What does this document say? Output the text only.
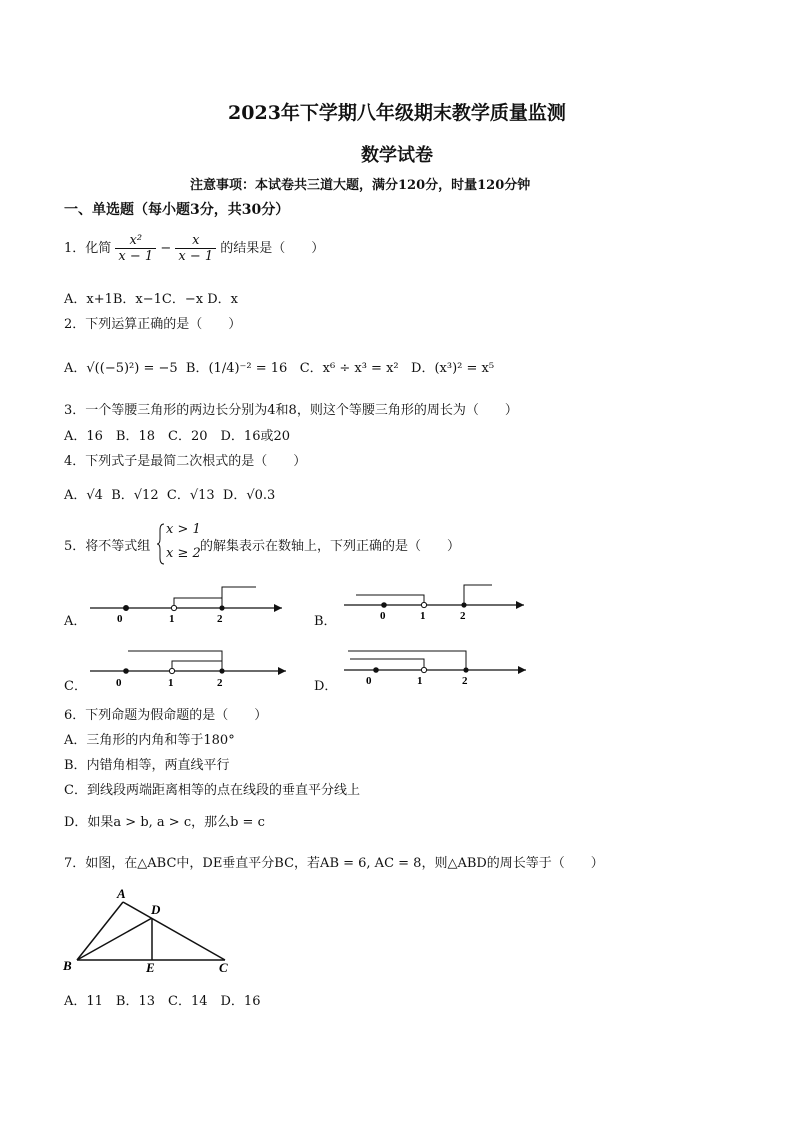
2023年下学期八年级期末教学质量监测
数学试卷
注意事项：本试卷共三道大题，满分120分，时量120分钟
一、单选题（每小题3分，共30分）
1．化简 $\frac{\text{x²}}{x - 1} - \frac{x}{x - 1}$ 的结果是（　　）
A．x+1B．x−1C．−x D．x
2．下列运算正确的是（　　）
A．√((−5)²) = −5 B．(1/4)⁻² = 16 C．x⁶ ÷ x³ = x² D．(x³)² = x⁵
3．一个等腰三角形的两边长分别为4和8，则这个等腰三角形的周长为（　　）
A．16　B．18　C．20　D．16或20
4．下列式子是最简二次根式的是（　　）
A．√4 B．√12 C．√13 D．√0.3
5．将不等式组
x > 1
x ≥ 2 的解集表示在数轴上，下列正确的是（　　）
A．	B．
C．	D．
0	1	2	0	1	2
0	1	2	0	1	2
6．下列命题为假命题的是（　　）
A．三角形的内角和等于180°
B．内错角相等，两直线平行
C．到线段两端距离相等的点在线段的垂直平分线上
D．如果a > b, a > c，那么b = c
7．如图，在△ABC中，DE垂直平分BC，若AB = 6, AC = 8，则△ABD的周长等于（　　）
A
B	C
D
E
A．11　B．13　C．14　D．16
